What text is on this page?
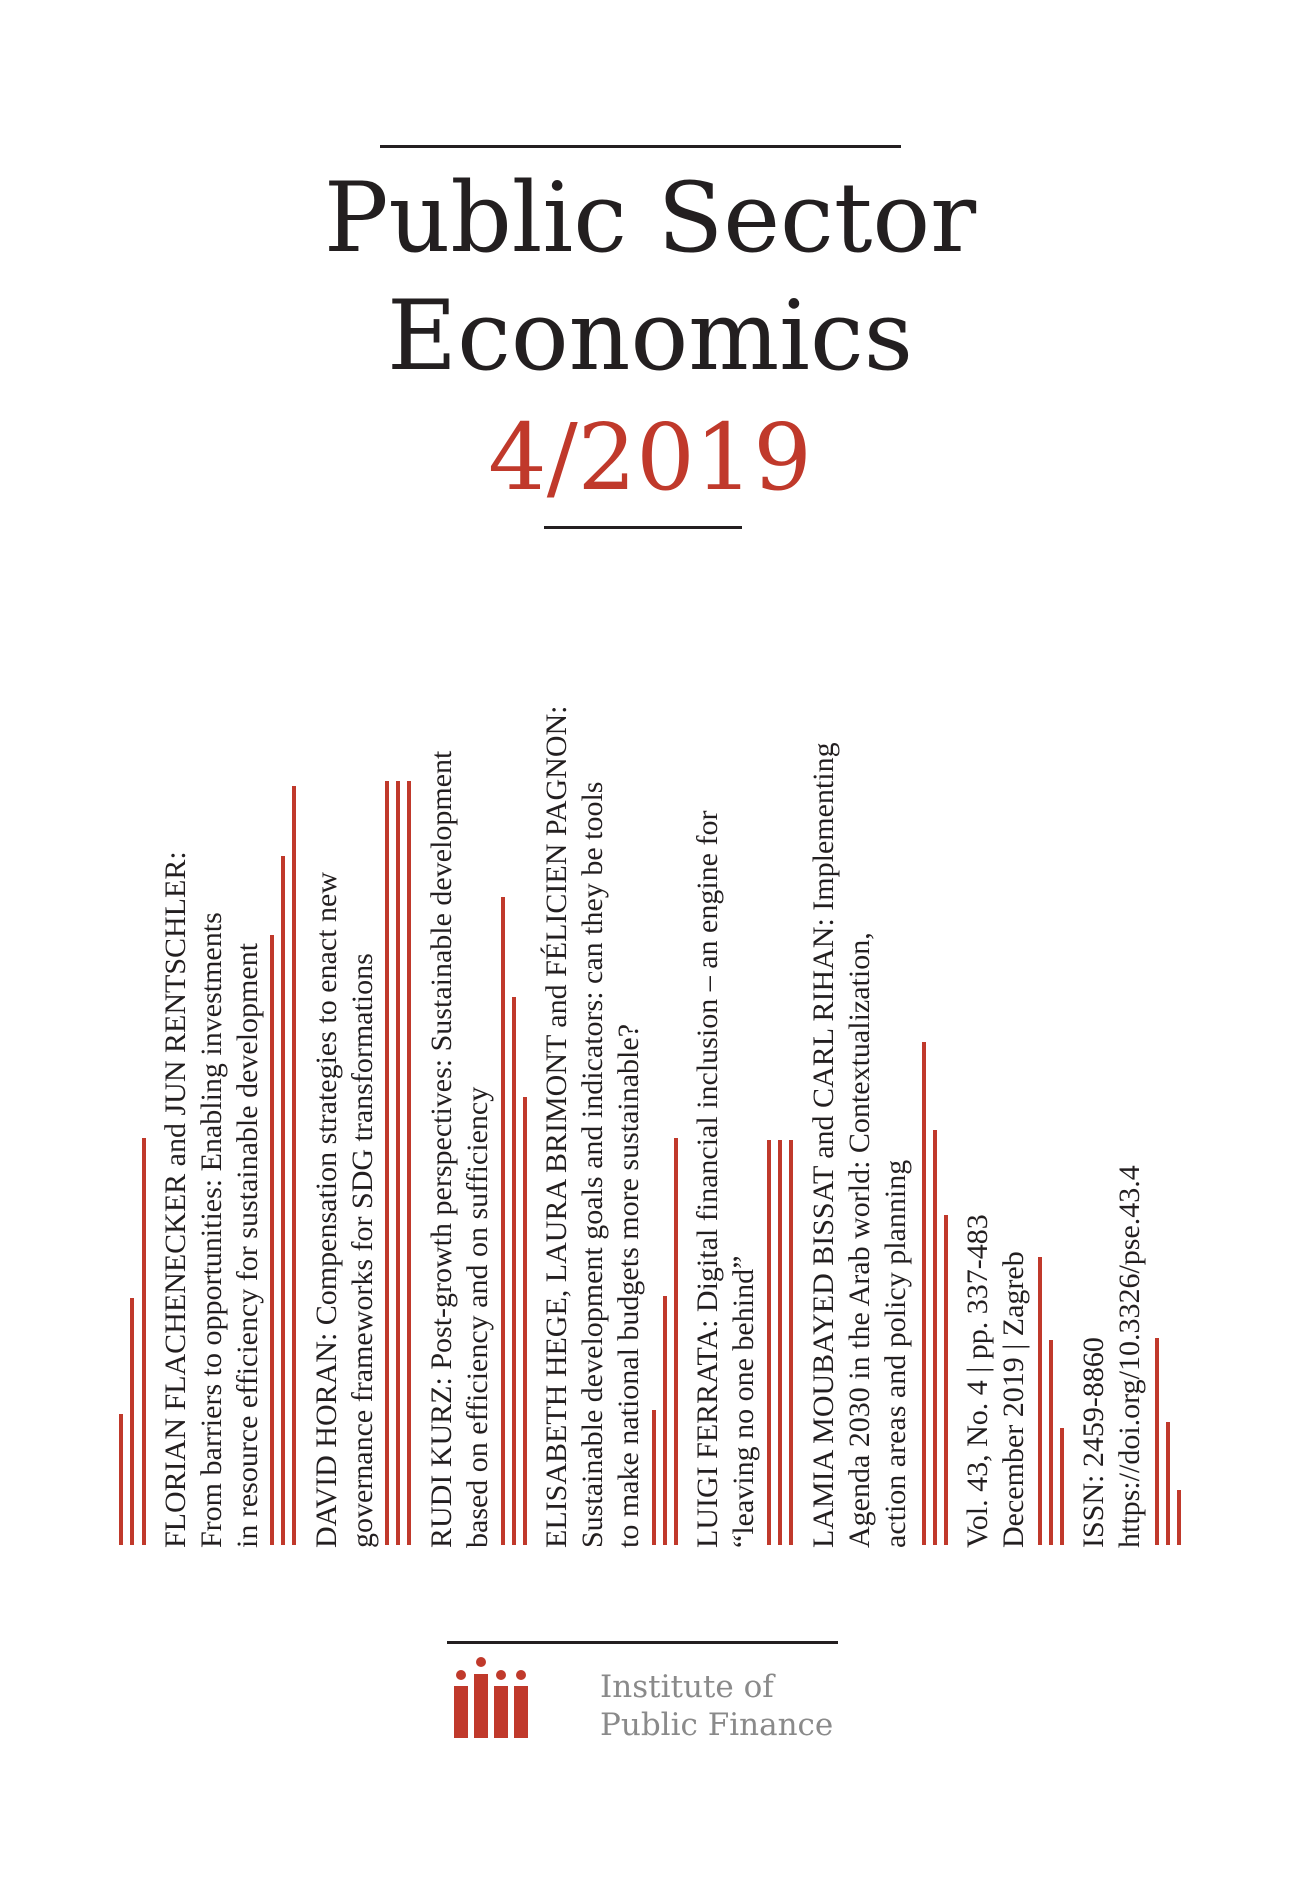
Public Sector
Economics
4/2019
FLORIAN FLACHENECKER and JUN RENTSCHLER: From barriers to opportunities: Enabling investments in resource efficiency for sustainable development DAVID HORAN: Compensation strategies to enact new governance frameworks for SDG transformations RUDI KURZ: Post-growth perspectives: Sustainable development based on efficiency and on sufficiency ELISABETH HEGE, LAURA BRIMONT and FÉLICIEN PAGNON: Sustainable development goals and indicators: can they be tools to make national budgets more sustainable? LUIGI FERRATA: Digital financial inclusion – an engine for
“leaving no one behind” LAMIA MOUBAYED BISSAT and CARL RIHAN: Implementing
Agenda 2030 in the Arab world: Contextualization, action areas and policy planning Vol. 43, No. 4 | pp. 337-483 December 2019 | Zagreb ISSN: 2459-8860 https://doi.org/10.3326/pse.43.4
Institute of
Public Finance
